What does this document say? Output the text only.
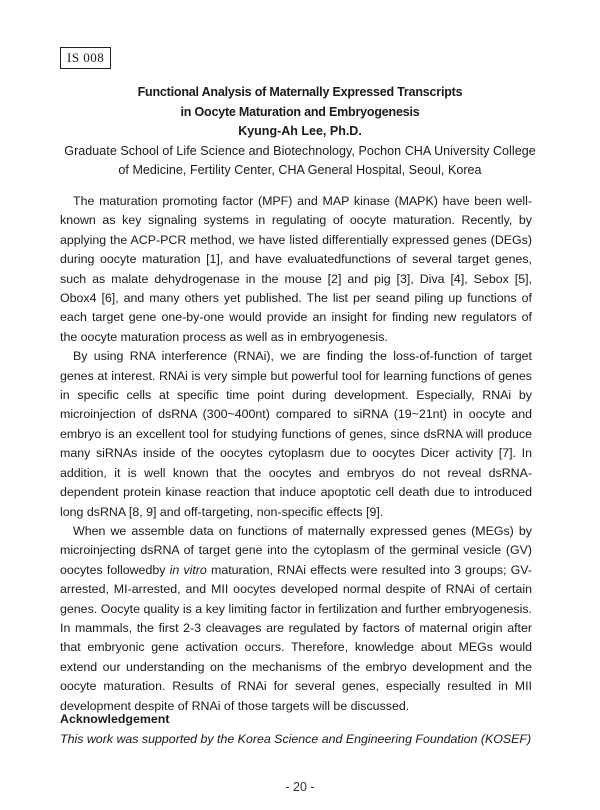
IS 008
Functional Analysis of Maternally Expressed Transcripts
in Oocyte Maturation and Embryogenesis
Kyung-Ah Lee, Ph.D.
Graduate School of Life Science and Biotechnology, Pochon CHA University College
of Medicine, Fertility Center, CHA General Hospital, Seoul, Korea

The maturation promoting factor (MPF) and MAP kinase (MAPK) have been well-known as key signaling systems in regulating of oocyte maturation. Recently, by applying the ACP-PCR method, we have listed differentially expressed genes (DEGs) during oocyte maturation [1], and have evaluatedfunctions of several target genes, such as malate dehydrogenase in the mouse [2] and pig [3], Diva [4], Sebox [5], Obox4 [6], and many others yet published. The list per seand piling up functions of each target gene one-by-one would provide an insight for finding new regulators of the oocyte maturation process as well as in embryogenesis.

By using RNA interference (RNAi), we are finding the loss-of-function of target genes at interest. RNAi is very simple but powerful tool for learning functions of genes in specific cells at specific time point during development. Especially, RNAi by microinjection of dsRNA (300~400nt) compared to siRNA (19~21nt) in oocyte and embryo is an excellent tool for studying functions of genes, since dsRNA will produce many siRNAs inside of the oocytes cytoplasm due to oocytes Dicer activity [7]. In addition, it is well known that the oocytes and embryos do not reveal dsRNA-dependent protein kinase reaction that induce apoptotic cell death due to introduced long dsRNA [8, 9] and off-targeting, non-specific effects [9].

When we assemble data on functions of maternally expressed genes (MEGs) by microinjecting dsRNA of target gene into the cytoplasm of the germinal vesicle (GV) oocytes followedby in vitro maturation, RNAi effects were resulted into 3 groups; GV-arrested, MI-arrested, and MII oocytes developed normal despite of RNAi of certain genes. Oocyte quality is a key limiting factor in fertilization and further embryogenesis. In mammals, the first 2-3 cleavages are regulated by factors of maternal origin after that embryonic gene activation occurs. Therefore, knowledge about MEGs would extend our understanding on the mechanisms of the embryo development and the oocyte maturation. Results of RNAi for several genes, especially resulted in MII development despite of RNAi of those targets will be discussed.

Acknowledgement
This work was supported by the Korea Science and Engineering Foundation (KOSEF)
- 20 -
